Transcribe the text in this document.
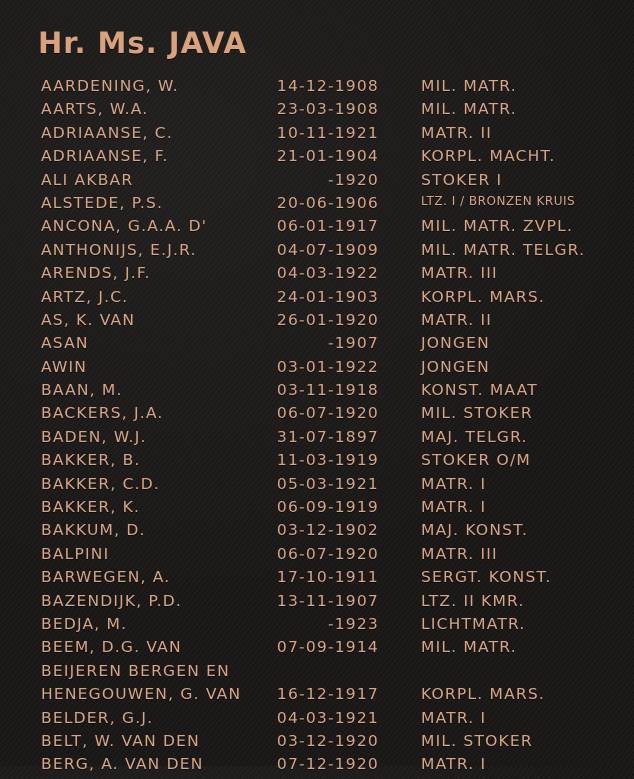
Hr. Ms. JAVA
AARDENING, W.	14-12-1908	MIL. MATR.
AARTS, W.A.	23-03-1908	MIL. MATR.
ADRIAANSE, C.	10-11-1921	MATR. II
ADRIAANSE, F.	21-01-1904	KORPL. MACHT.
ALI AKBAR	-1920	STOKER I
ALSTEDE, P.S.	20-06-1906	LTZ. I / BRONZEN KRUIS
ANCONA, G.A.A. D'	06-01-1917	MIL. MATR. ZVPL.
ANTHONIJS, E.J.R.	04-07-1909	MIL. MATR. TELGR.
ARENDS, J.F.	04-03-1922	MATR. III
ARTZ, J.C.	24-01-1903	KORPL. MARS.
AS, K. VAN	26-01-1920	MATR. II
ASAN	-1907	JONGEN
AWIN	03-01-1922	JONGEN
BAAN, M.	03-11-1918	KONST. MAAT
BACKERS, J.A.	06-07-1920	MIL. STOKER
BADEN, W.J.	31-07-1897	MAJ. TELGR.
BAKKER, B.	11-03-1919	STOKER O/M
BAKKER, C.D.	05-03-1921	MATR. I
BAKKER, K.	06-09-1919	MATR. I
BAKKUM, D.	03-12-1902	MAJ. KONST.
BALPINI	06-07-1920	MATR. III
BARWEGEN, A.	17-10-1911	SERGT. KONST.
BAZENDIJK, P.D.	13-11-1907	LTZ. II KMR.
BEDJA, M.	-1923	LICHTMATR.
BEEM, D.G. VAN	07-09-1914	MIL. MATR.
BEIJEREN BERGEN EN
HENEGOUWEN, G. VAN 16-12-1917	KORPL. MARS.
BELDER, G.J.	04-03-1921	MATR. I
BELT, W. VAN DEN	03-12-1920	MIL. STOKER
BERG, A. VAN DEN	07-12-1920	MATR. I
